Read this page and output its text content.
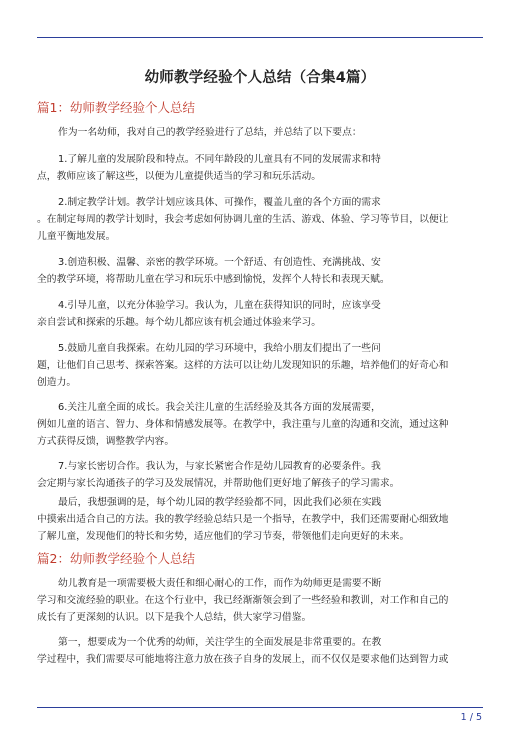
幼师教学经验个人总结（合集4篇）
篇1：幼师教学经验个人总结
作为一名幼师，我对自己的教学经验进行了总结，并总结了以下要点：
1.了解儿童的发展阶段和特点。不同年龄段的儿童具有不同的发展需求和特
点，教师应该了解这些，以便为儿童提供适当的学习和玩乐活动。
2.制定教学计划。教学计划应该具体、可操作，覆盖儿童的各个方面的需求
。在制定每周的教学计划时，我会考虑如何协调儿童的生活、游戏、体验、学习等节目，以便让
儿童平衡地发展。
3.创造积极、温馨、亲密的教学环境。一个舒适、有创造性、充满挑战、安
全的教学环境，将帮助儿童在学习和玩乐中感到愉悦，发挥个人特长和表现天赋。
4.引导儿童，以充分体验学习。我认为，儿童在获得知识的同时，应该享受
亲自尝试和探索的乐趣。每个幼儿都应该有机会通过体验来学习。
5.鼓励儿童自我探索。在幼儿园的学习环境中，我给小朋友们提出了一些问
题，让他们自己思考、探索答案。这样的方法可以让幼儿发现知识的乐趣，培养他们的好奇心和
创造力。
6.关注儿童全面的成长。我会关注儿童的生活经验及其各方面的发展需要，
例如儿童的语言、智力、身体和情感发展等。在教学中，我注重与儿童的沟通和交流，通过这种
方式获得反馈，调整教学内容。
7.与家长密切合作。我认为，与家长紧密合作是幼儿园教育的必要条件。我
会定期与家长沟通孩子的学习及发展情况，并帮助他们更好地了解孩子的学习需求。
最后，我想强调的是，每个幼儿园的教学经验都不同，因此我们必须在实践
中摸索出适合自己的方法。我的教学经验总结只是一个指导，在教学中，我们还需要耐心细致地
了解儿童，发现他们的特长和劣势，适应他们的学习节奏，带领他们走向更好的未来。
篇2：幼师教学经验个人总结
幼儿教育是一项需要极大责任和细心耐心的工作，而作为幼师更是需要不断
学习和交流经验的职业。在这个行业中，我已经渐渐领会到了一些经验和教训，对工作和自己的
成长有了更深刻的认识。以下是我个人总结，供大家学习借鉴。
第一，想要成为一个优秀的幼师，关注学生的全面发展是非常重要的。在教
学过程中，我们需要尽可能地将注意力放在孩子自身的发展上，而不仅仅是要求他们达到智力或
1 / 5
